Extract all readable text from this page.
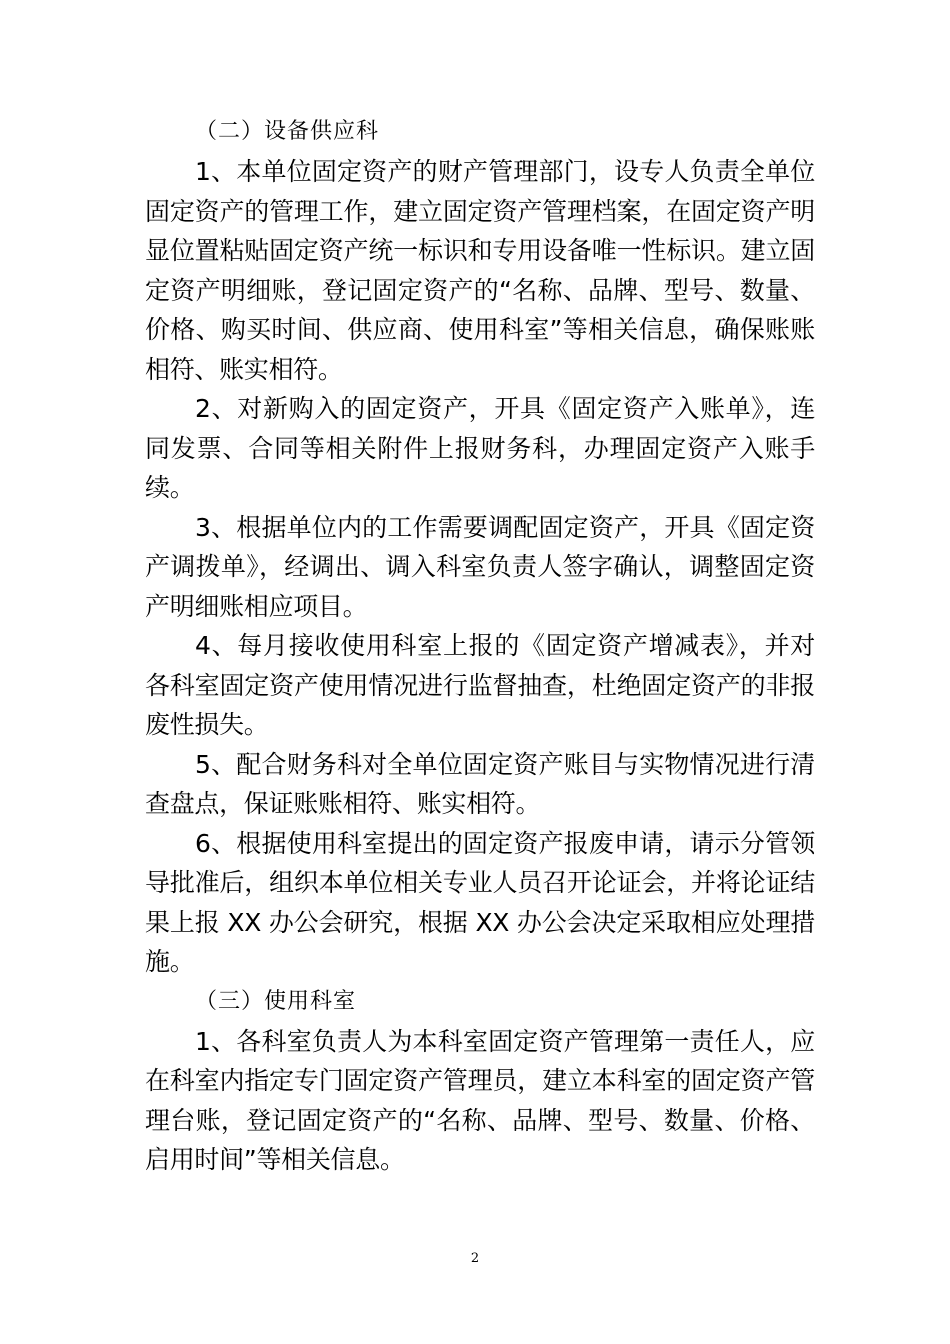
（二）设备供应科

1、本单位固定资产的财产管理部门，设专人负责全单位固定资产的管理工作，建立固定资产管理档案，在固定资产明显位置粘贴固定资产统一标识和专用设备唯一性标识。建立固定资产明细账，登记固定资产的“名称、品牌、型号、数量、价格、购买时间、供应商、使用科室”等相关信息，确保账账相符、账实相符。

2、对新购入的固定资产，开具《固定资产入账单》，连同发票、合同等相关附件上报财务科，办理固定资产入账手续。

3、根据单位内的工作需要调配固定资产，开具《固定资产调拨单》，经调出、调入科室负责人签字确认，调整固定资产明细账相应项目。

4、每月接收使用科室上报的《固定资产增减表》，并对各科室固定资产使用情况进行监督抽查，杜绝固定资产的非报废性损失。

5、配合财务科对全单位固定资产账目与实物情况进行清查盘点，保证账账相符、账实相符。

6、根据使用科室提出的固定资产报废申请，请示分管领导批准后，组织本单位相关专业人员召开论证会，并将论证结果上报 XX 办公会研究，根据 XX 办公会决定采取相应处理措施。

（三）使用科室

1、各科室负责人为本科室固定资产管理第一责任人，应在科室内指定专门固定资产管理员，建立本科室的固定资产管理台账，登记固定资产的“名称、品牌、型号、数量、价格、启用时间”等相关信息。

2
